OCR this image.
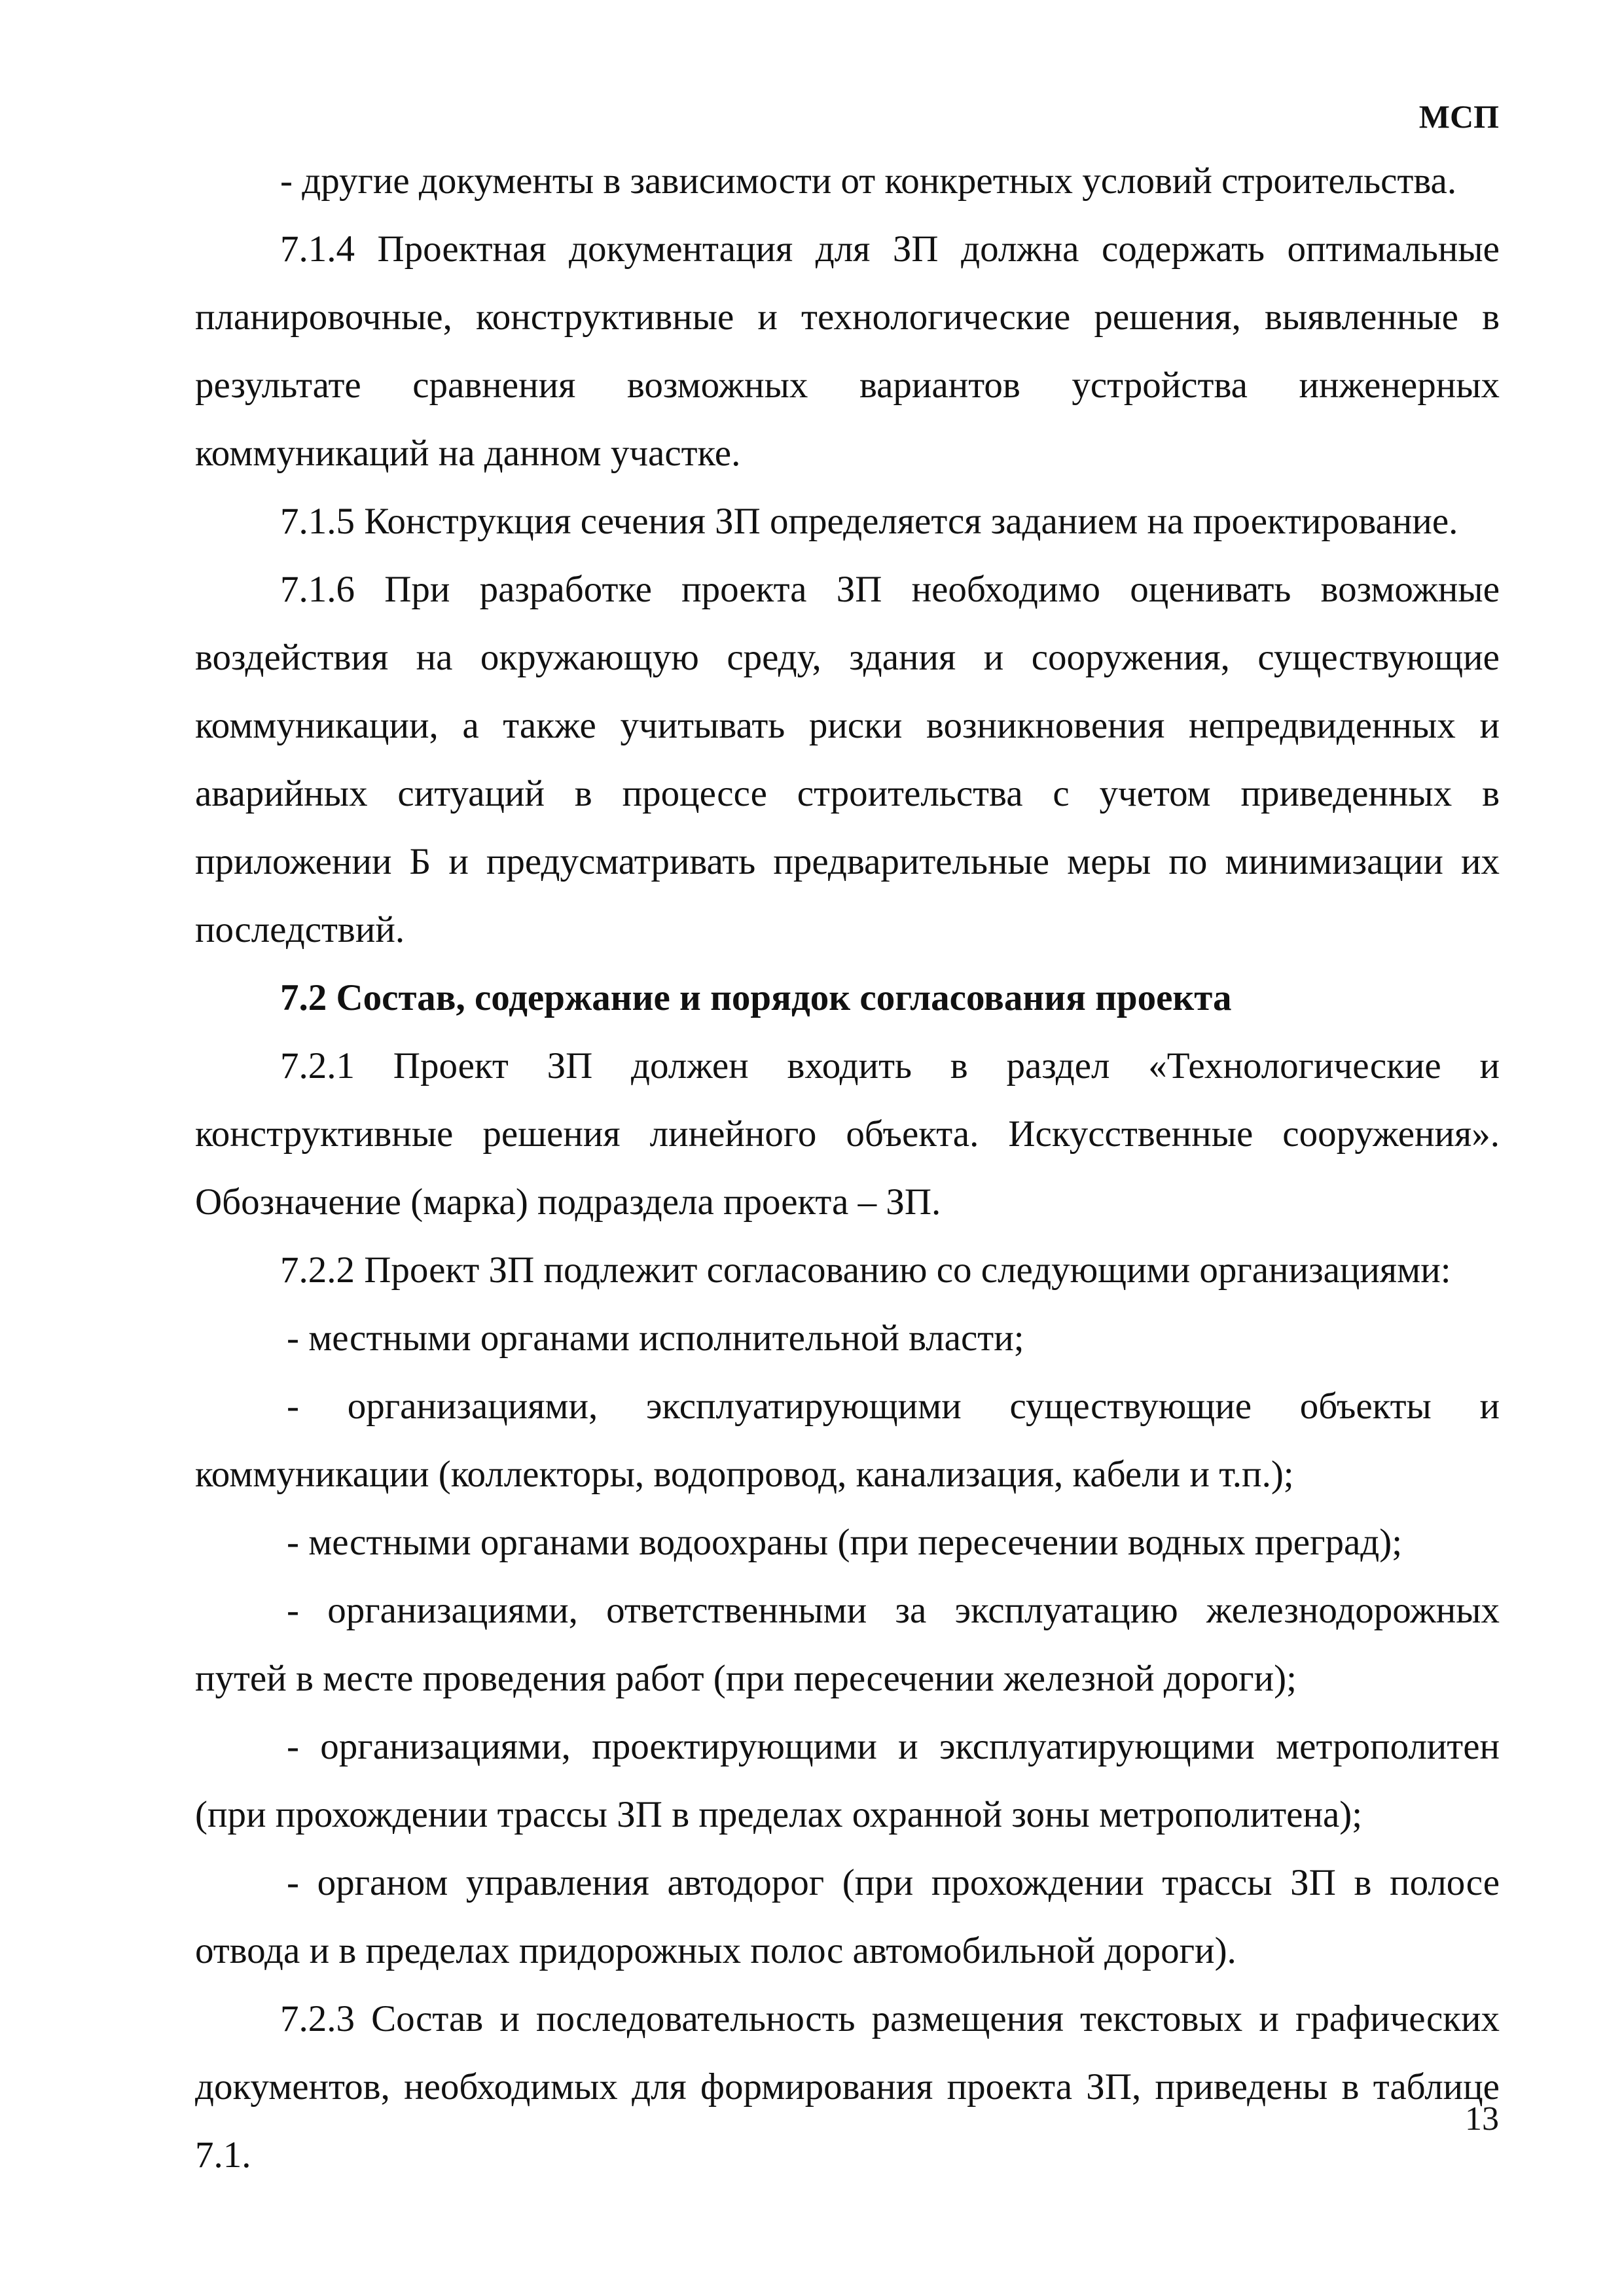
МСП

- другие документы в зависимости от конкретных условий строительства.

7.1.4 Проектная документация для ЗП должна содержать оптимальные планировочные, конструктивные и технологические решения, выявленные в результате сравнения возможных вариантов устройства инженерных коммуникаций на данном участке.

7.1.5 Конструкция сечения ЗП определяется заданием на проектирование.

7.1.6 При разработке проекта ЗП необходимо оценивать возможные воздействия на окружающую среду, здания и сооружения, существующие коммуникации, а также учитывать риски возникновения непредвиденных и аварийных ситуаций в процессе строительства с учетом приведенных в приложении Б и предусматривать предварительные меры по минимизации их последствий.

7.2 Состав, содержание и порядок согласования проекта

7.2.1 Проект ЗП должен входить в раздел «Технологические и конструктивные решения линейного объекта. Искусственные сооружения». Обозначение (марка) подраздела проекта – ЗП.

7.2.2 Проект ЗП подлежит согласованию со следующими организациями:

- местными органами исполнительной власти;

- организациями, эксплуатирующими существующие объекты и коммуникации (коллекторы, водопровод, канализация, кабели и т.п.);

- местными органами водоохраны (при пересечении водных преград);

- организациями, ответственными за эксплуатацию железнодорожных путей в месте проведения работ (при пересечении железной дороги);

- организациями, проектирующими и эксплуатирующими метрополитен (при прохождении трассы ЗП в пределах охранной зоны метрополитена);

- органом управления автодорог (при прохождении трассы ЗП в полосе отвода и в пределах придорожных полос автомобильной дороги).

7.2.3 Состав и последовательность размещения текстовых и графических документов, необходимых для формирования проекта ЗП, приведены в таблице 7.1.

13
